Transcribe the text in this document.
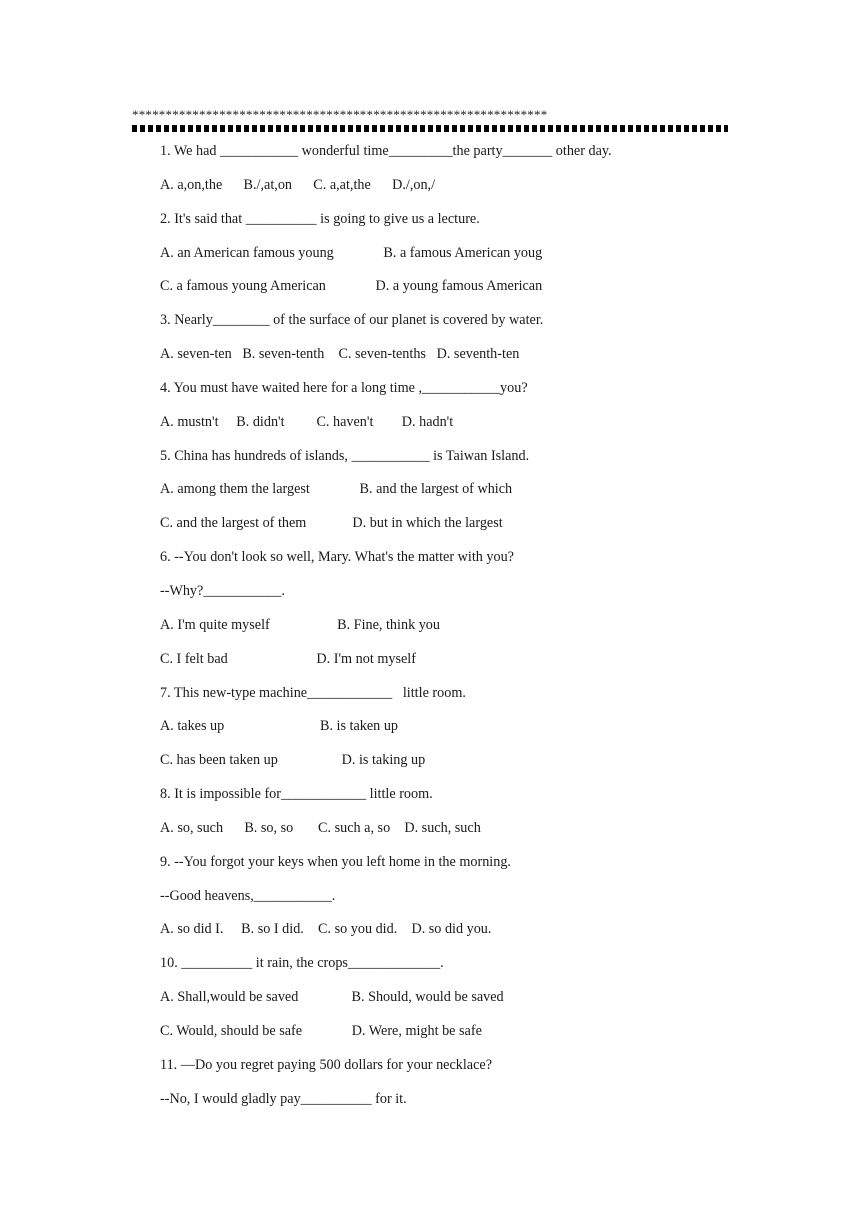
**************************************************************
1. We had ___________ wonderful time_________the party_______ other day.
A. a,on,the      B./,at,on      C. a,at,the      D./,on,/
2. It's said that __________ is going to give us a lecture.
A. an American famous young              B. a famous American youg
C. a famous young American              D. a young famous American
3. Nearly________ of the surface of our planet is covered by water.
A. seven-ten   B. seven-tenth    C. seven-tenths   D. seventh-ten
4. You must have waited here for a long time ,___________you?
A. mustn't     B. didn't         C. haven't        D. hadn't
5. China has hundreds of islands, ___________ is Taiwan Island.
A. among them the largest              B. and the largest of which
C. and the largest of them             D. but in which the largest
6. --You don't look so well, Mary. What's the matter with you?
--Why?___________.
A. I'm quite myself                   B. Fine, think you
C. I felt bad                         D. I'm not myself
7. This new-type machine____________   little room.
A. takes up                           B. is taken up
C. has been taken up                  D. is taking up
8. It is impossible for____________ little room.
A. so, such      B. so, so       C. such a, so    D. such, such
9. --You forgot your keys when you left home in the morning.
--Good heavens,___________.
A. so did I.     B. so I did.    C. so you did.    D. so did you.
10. __________ it rain, the crops_____________.
A. Shall,would be saved               B. Should, would be saved
C. Would, should be safe              D. Were, might be safe
11. —Do you regret paying 500 dollars for your necklace?
--No, I would gladly pay__________ for it.
